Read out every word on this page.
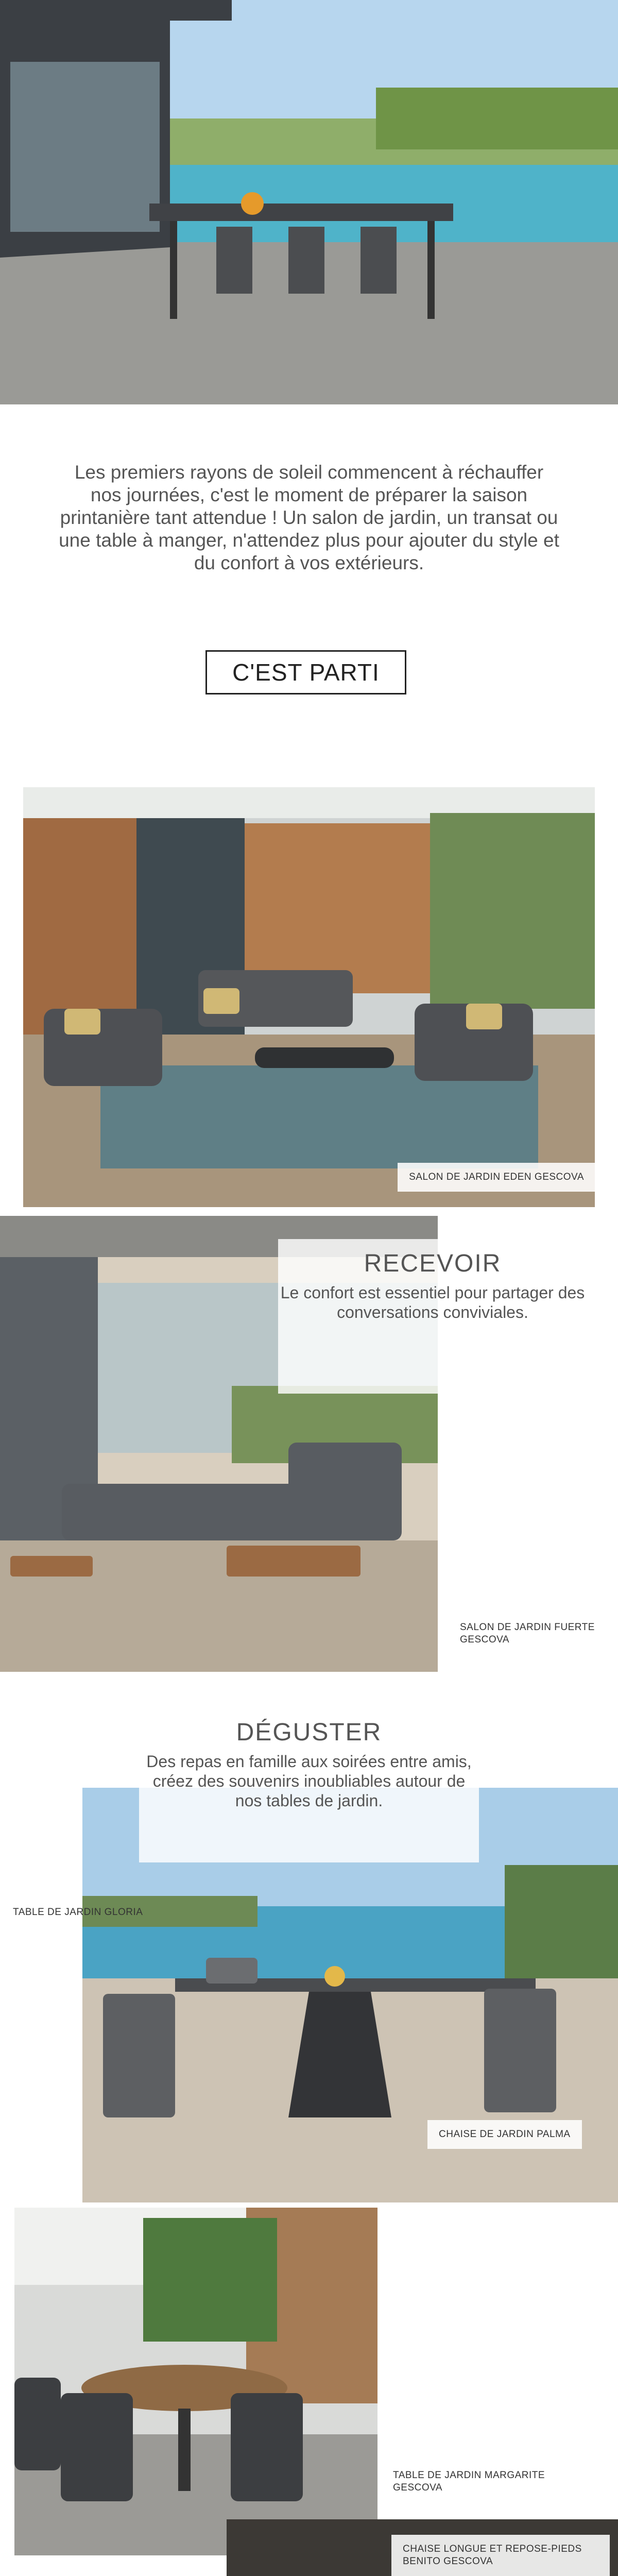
Les premiers rayons de soleil commencent à réchauffer nos journées, c'est le moment de préparer la saison printanière tant attendue ! Un salon de jardin, un transat ou une table à manger, n'attendez plus pour ajouter du style et du confort à vos extérieurs.
C'EST PARTI
SALON DE JARDIN EDEN GESCOVA
RECEVOIR

Le confort est essentiel pour partager des conversations conviviales.

SALON DE JARDIN FUERTE GESCOVA
DÉGUSTER

Des repas en famille aux soirées entre amis, créez des souvenirs inoubliables autour de nos tables de jardin.

TABLE DE JARDIN GLORIA
CHAISE DE JARDIN PALMA
TABLE DE JARDIN MARGARITE GESCOVA
CHAISE LONGUE ET REPOSE-PIEDS BENITO GESCOVA
